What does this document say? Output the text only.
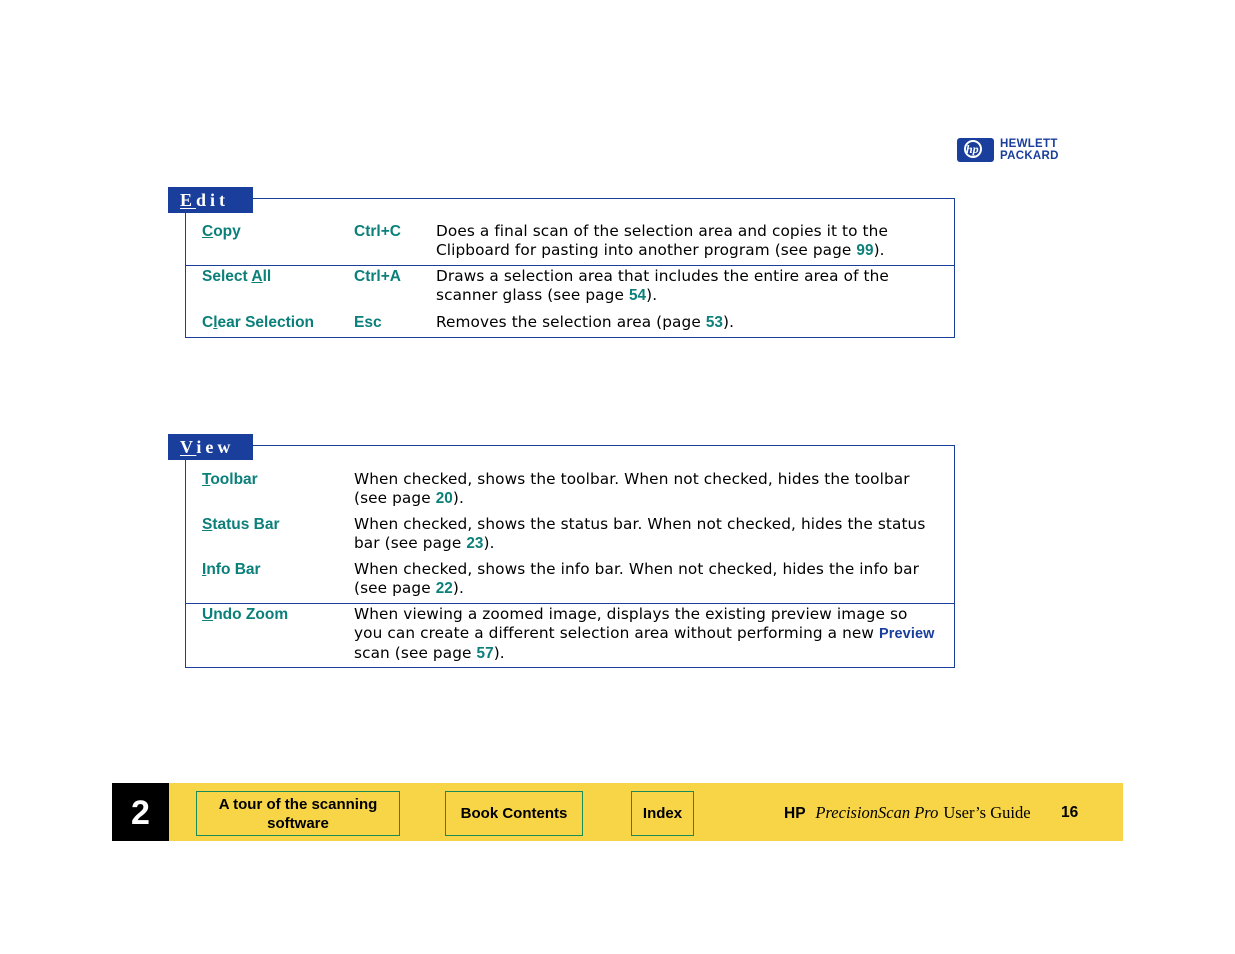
hp HEWLETT
PACKARD
Edit
Copy	Ctrl+C Does a final scan of the selection area and copies it to the
Clipboard for pasting into another program (see page 99).
Select All	Ctrl+A Draws a selection area that includes the entire area of the
scanner glass (see page 54).
Clear Selection	Esc	Removes the selection area (page 53).
View
Toolbar	When checked, shows the toolbar. When not checked, hides the toolbar
(see page 20).
Status Bar	When checked, shows the status bar. When not checked, hides the status
bar (see page 23).
Info Bar	When checked, shows the info bar. When not checked, hides the info bar
(see page 22).
Undo Zoom	When viewing a zoomed image, displays the existing preview image so
you can create a different selection area without performing a new Preview
scan (see page 57).
2	A tour of the scanning software
Book Contents	Index	HP PrecisionScan Pro User’s Guide 16
